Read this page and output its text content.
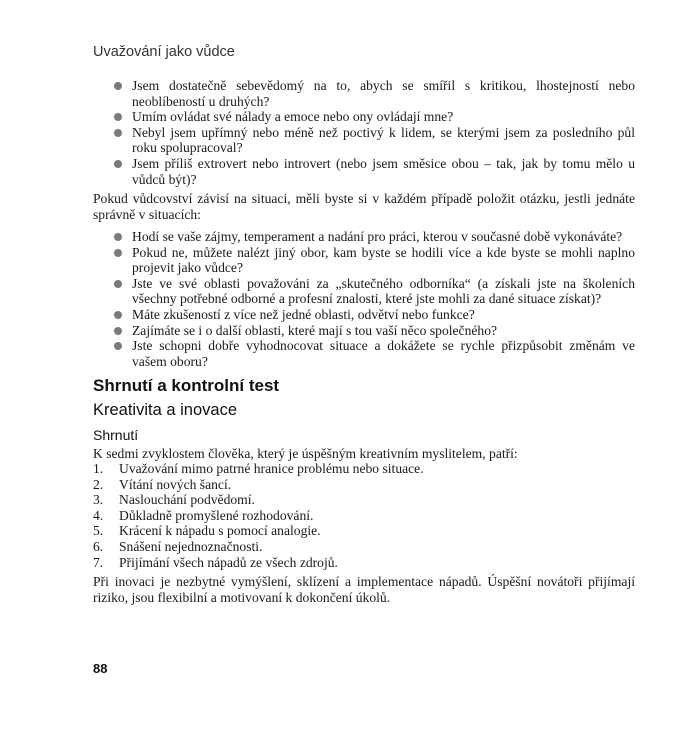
Uvažování jako vůdce
Jsem dostatečně sebevědomý na to, abych se smířil s kritikou, lhostejností nebo neoblíbeností u druhých?
Umím ovládat své nálady a emoce nebo ony ovládají mne?
Nebyl jsem upřímný nebo méně než poctivý k lidem, se kterými jsem za posledního půl roku spolupracoval?
Jsem příliš extrovert nebo introvert (nebo jsem směsice obou – tak, jak by tomu mělo u vůdců být)?

Pokud vůdcovství závisí na situaci, měli byste si v každém případě položit otázku, jestli jednáte správně v situacích:

Hodí se vaše zájmy, temperament a nadání pro práci, kterou v současné době vykonáváte?
Pokud ne, můžete nalézt jiný obor, kam byste se hodili více a kde byste se mohli naplno projevit jako vůdce?
Jste ve své oblasti považováni za „skutečného odborníka“ (a získali jste na školeních všechny potřebné odborné a profesní znalosti, které jste mohli za dané situace získat)?
Máte zkušeností z více než jedné oblasti, odvětví nebo funkce?
Zajímáte se i o další oblasti, které mají s tou vaší něco společného?
Jste schopni dobře vyhodnocovat situace a dokážete se rychle přizpůsobit změnám ve vašem oboru?
Shrnutí a kontrolní test
Kreativita a inovace
Shrnutí

K sedmi zvyklostem člověka, který je úspěšným kreativním myslitelem, patří:

1. Uvažování mimo patrné hranice problému nebo situace.
2. Vítání nových šancí.
3. Naslouchání podvědomí.
4. Důkladně promyšlené rozhodování.
5. Krácení k nápadu s pomocí analogie.
6. Snášení nejednoznačnosti.
7. Přijímání všech nápadů ze všech zdrojů.

Při inovaci je nezbytné vymýšlení, sklízení a implementace nápadů. Úspěšní novátoři přijímají riziko, jsou flexibilní a motivovaní k dokončení úkolů.

88
